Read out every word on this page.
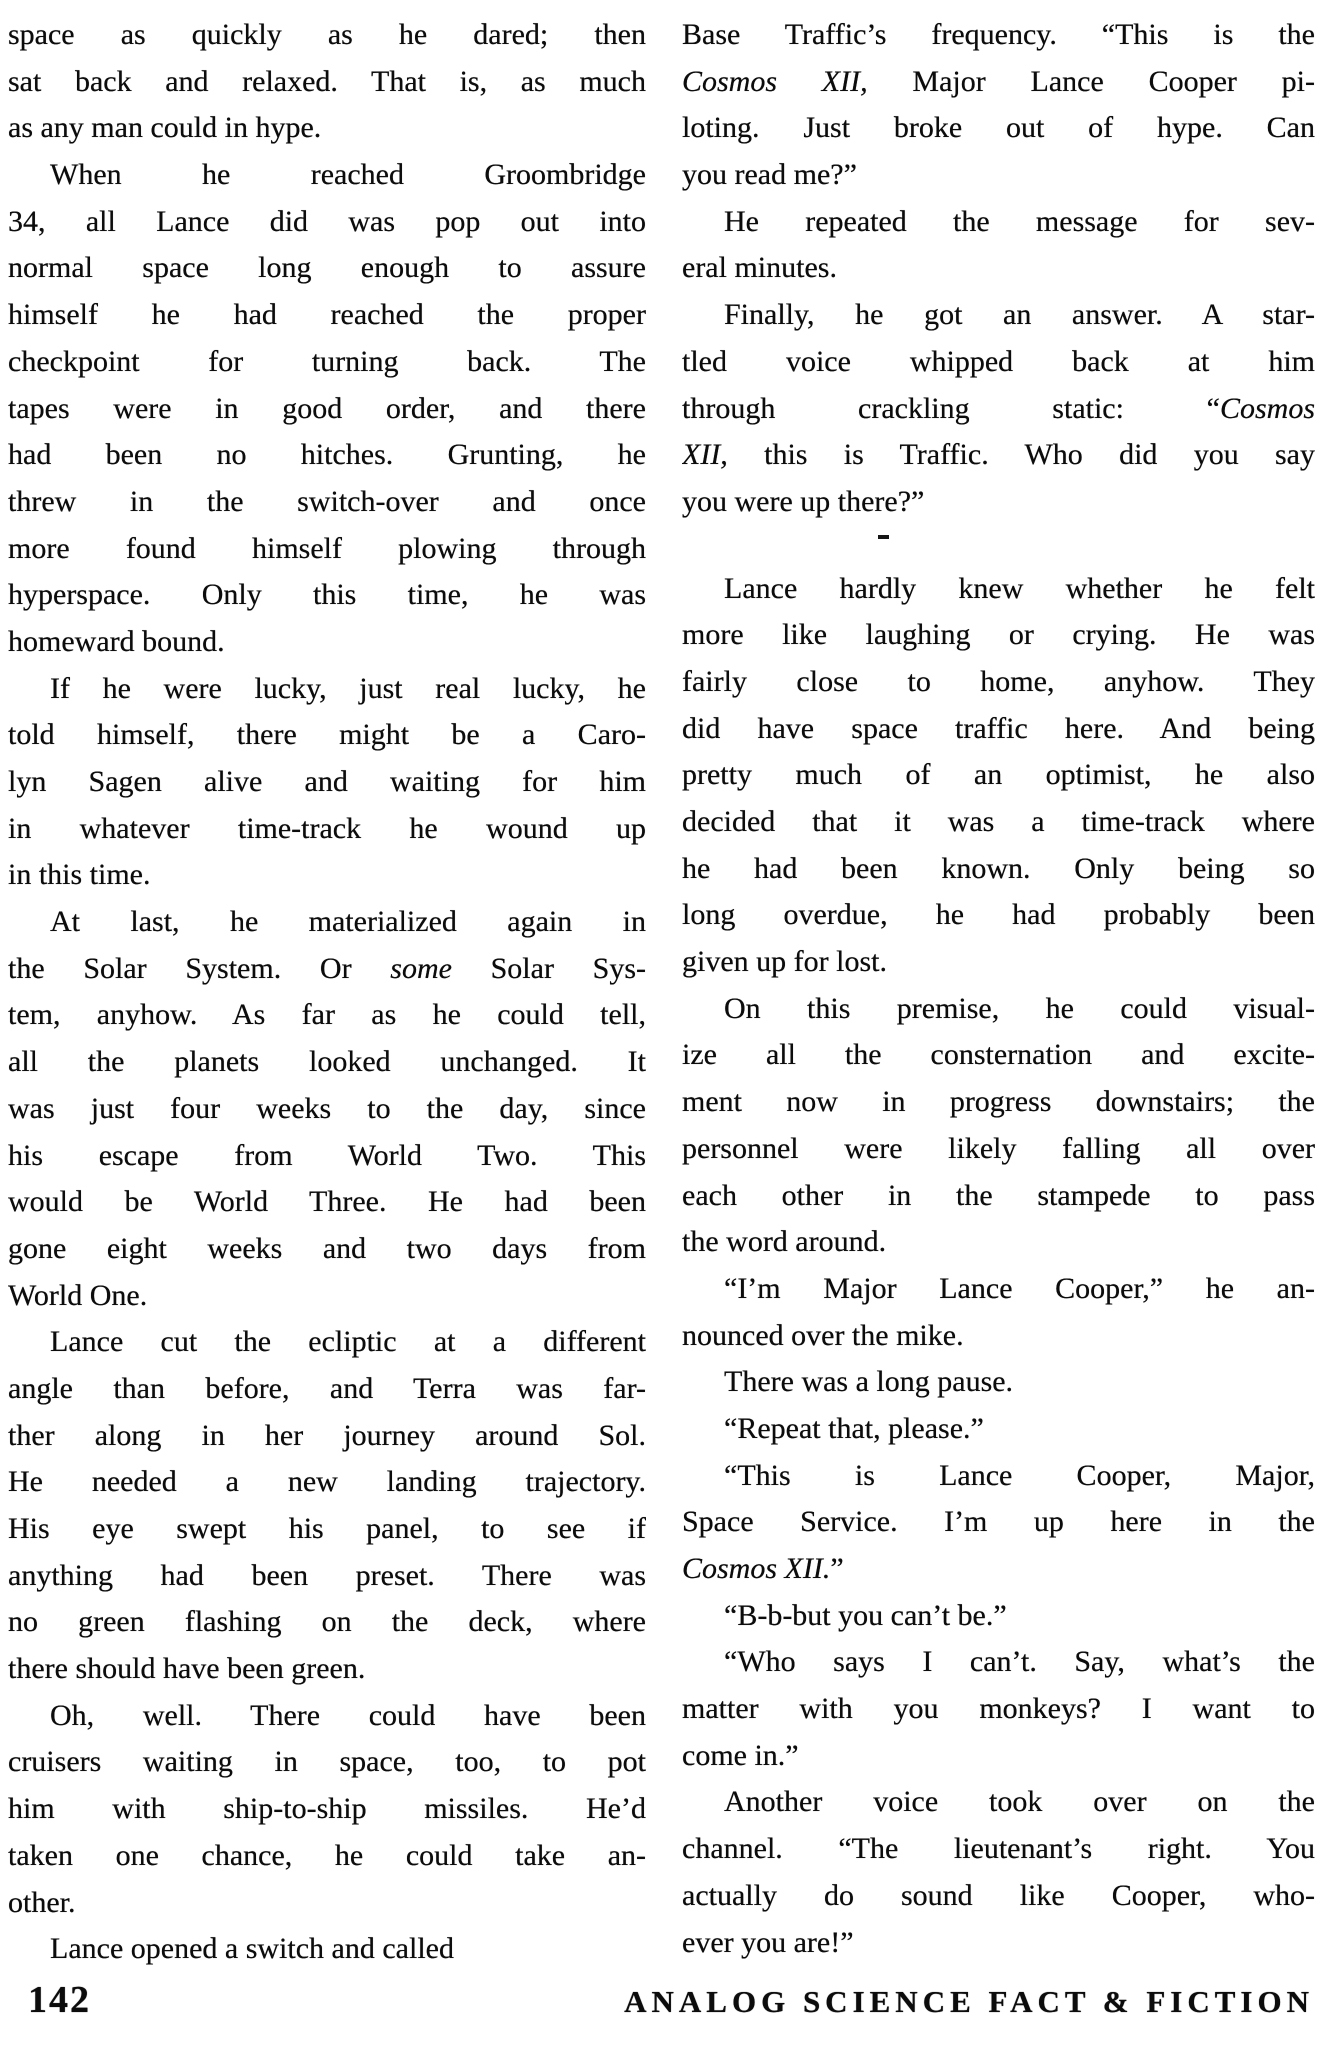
space as quickly as he dared; then
sat back and relaxed. That is, as much
as any man could in hype.
When he reached Groombridge
34, all Lance did was pop out into
normal space long enough to assure
himself he had reached the proper
checkpoint for turning back. The
tapes were in good order, and there
had been no hitches. Grunting, he
threw in the switch-over and once
more found himself plowing through
hyperspace. Only this time, he was
homeward bound.
If he were lucky, just real lucky, he
told himself, there might be a Caro-
lyn Sagen alive and waiting for him
in whatever time-track he wound up
in this time.
At last, he materialized again in
the Solar System. Or some Solar Sys-
tem, anyhow. As far as he could tell,
all the planets looked unchanged. It
was just four weeks to the day, since
his escape from World Two. This
would be World Three. He had been
gone eight weeks and two days from
World One.
Lance cut the ecliptic at a different
angle than before, and Terra was far-
ther along in her journey around Sol.
He needed a new landing trajectory.
His eye swept his panel, to see if
anything had been preset. There was
no green flashing on the deck, where
there should have been green.
Oh, well. There could have been
cruisers waiting in space, too, to pot
him with ship-to-ship missiles. He’d
taken one chance, he could take an-
other.
Lance opened a switch and called
Base Traffic’s frequency. “This is the
Cosmos XII, Major Lance Cooper pi-
loting. Just broke out of hype. Can
you read me?”
He repeated the message for sev-
eral minutes.
Finally, he got an answer. A star-
tled voice whipped back at him
through crackling static: “Cosmos
XII, this is Traffic. Who did you say
you were up there?”
Lance hardly knew whether he felt
more like laughing or crying. He was
fairly close to home, anyhow. They
did have space traffic here. And being
pretty much of an optimist, he also
decided that it was a time-track where
he had been known. Only being so
long overdue, he had probably been
given up for lost.
On this premise, he could visual-
ize all the consternation and excite-
ment now in progress downstairs; the
personnel were likely falling all over
each other in the stampede to pass
the word around.
“I’m Major Lance Cooper,” he an-
nounced over the mike.
There was a long pause.
“Repeat that, please.”
“This is Lance Cooper, Major,
Space Service. I’m up here in the
Cosmos XII.”
“B-b-but you can’t be.”
“Who says I can’t. Say, what’s the
matter with you monkeys? I want to
come in.”
Another voice took over on the
channel. “The lieutenant’s right. You
actually do sound like Cooper, who-
ever you are!”
142	ANALOG SCIENCE FACT & FICTION
